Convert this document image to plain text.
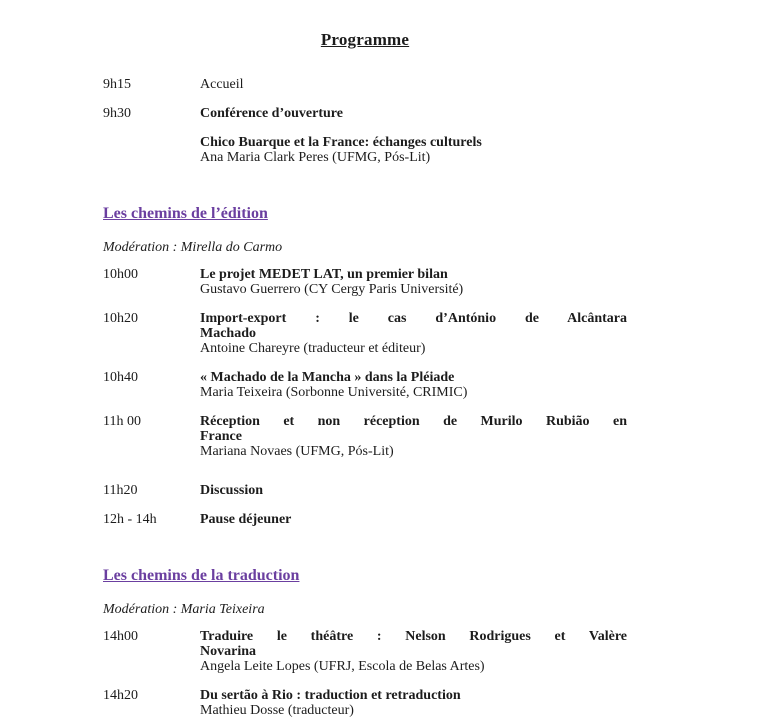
Programme
9h15	Accueil
9h30	Conférence d’ouverture
Chico Buarque et la France: échanges culturels
Ana Maria Clark Peres (UFMG, Pós-Lit)
Les chemins de l’édition
Modération : Mirella do Carmo
10h00	Le projet MEDET LAT, un premier bilan
Gustavo Guerrero (CY Cergy Paris Université)
10h20	Import-export : le cas d’António de Alcântara
Machado
Antoine Chareyre (traducteur et éditeur)
10h40	« Machado de la Mancha » dans la Pléiade
Maria Teixeira (Sorbonne Université, CRIMIC)
11h 00	Réception et non réception de Murilo Rubião en
France
Mariana Novaes (UFMG, Pós-Lit)
11h20	Discussion
12h - 14h	Pause déjeuner
Les chemins de la traduction
Modération : Maria Teixeira
14h00	Traduire le théâtre : Nelson Rodrigues et Valère
Novarina
Angela Leite Lopes (UFRJ, Escola de Belas Artes)
14h20	Du sertão à Rio : traduction et retraduction
Mathieu Dosse (traducteur)
